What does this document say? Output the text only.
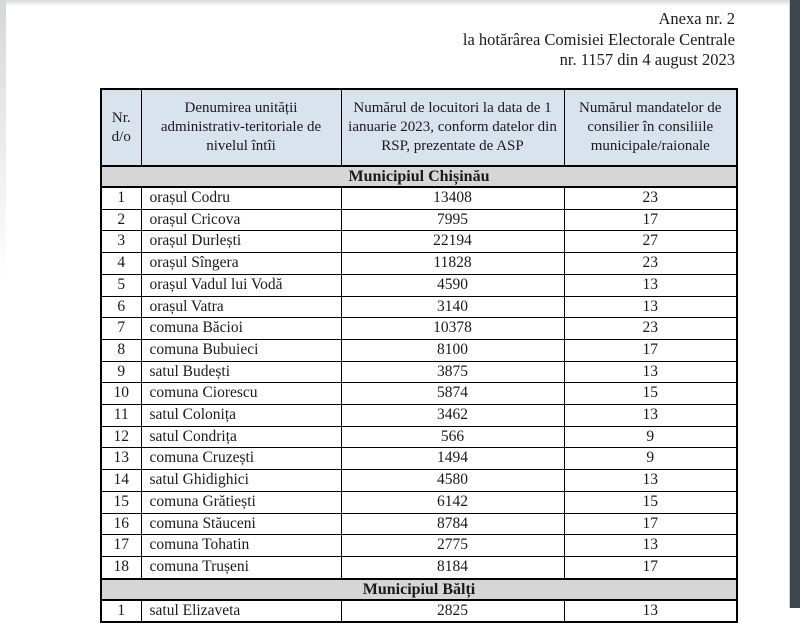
Anexa nr. 2
la hotărârea Comisiei Electorale Centrale
nr. 1157 din 4 august 2023
Nr. d/o	Denumirea unității administrativ-teritoriale de nivelul întîi	Numărul de locuitori la data de 1 ianuarie 2023, conform datelor din RSP, prezentate de ASP	Numărul mandatelor de consilier în consiliile municipale/raionale
Municipiul Chișinău			
1	orașul Codru	13408	23
2	orașul Cricova	7995	17
3	orașul Durlești	22194	27
4	orașul Sîngera	11828	23
5	orașul Vadul lui Vodă	4590	13
6	orașul Vatra	3140	13
7	comuna Băcioi	10378	23
8	comuna Bubuieci	8100	17
9	satul Budești	3875	13
10	comuna Ciorescu	5874	15
11	satul Colonița	3462	13
12	satul Condrița	566	9
13	comuna Cruzești	1494	9
14	satul Ghidighici	4580	13
15	comuna Grătiești	6142	15
16	comuna Stăuceni	8784	17
17	comuna Tohatin	2775	13
18	comuna Trușeni	8184	17
Municipiul Bălți			
1	satul Elizaveta	2825	13
